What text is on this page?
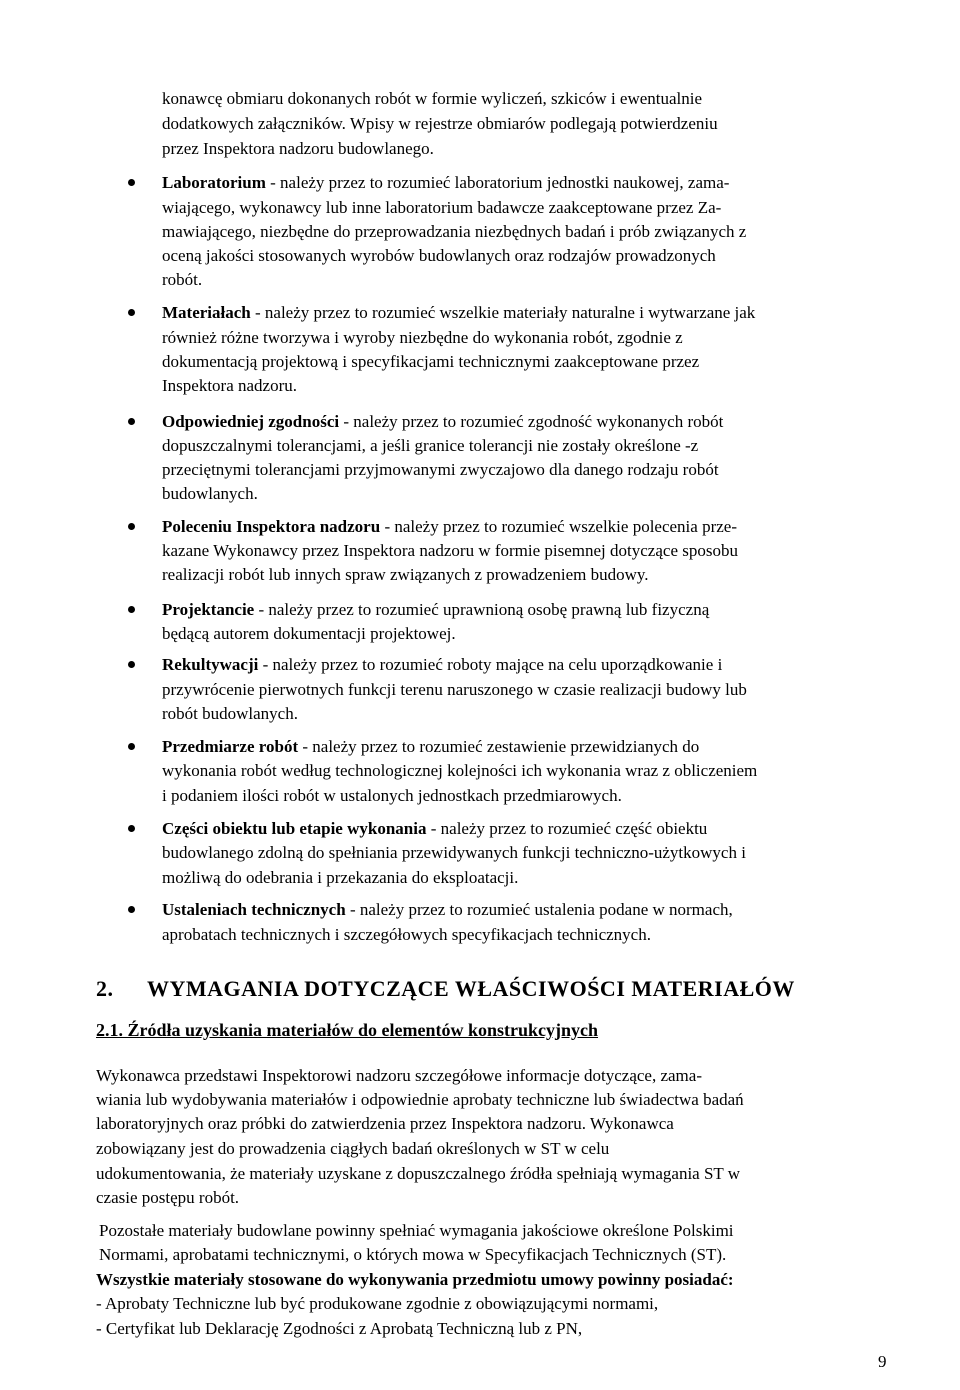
konawcę obmiaru dokonanych robót w formie wyliczeń, szkiców i ewentualnie
dodatkowych załączników. Wpisy w rejestrze obmiarów podlegają potwierdzeniu
przez Inspektora nadzoru budowlanego.
Laboratorium - należy przez to rozumieć laboratorium jednostki naukowej, zama-
wiającego, wykonawcy lub inne laboratorium badawcze zaakceptowane przez Za-
mawiającego, niezbędne do przeprowadzania niezbędnych badań i prób związanych z
oceną jakości stosowanych wyrobów budowlanych oraz rodzajów prowadzonych
robót.
Materiałach - należy przez to rozumieć wszelkie materiały naturalne i wytwarzane jak
również różne tworzywa i wyroby niezbędne do wykonania robót, zgodnie z
dokumentacją projektową i specyfikacjami technicznymi zaakceptowane przez
Inspektora nadzoru.
Odpowiedniej zgodności - należy przez to rozumieć zgodność wykonanych robót
dopuszczalnymi tolerancjami, a jeśli granice tolerancji nie zostały określone -z
przeciętnymi tolerancjami przyjmowanymi zwyczajowo dla danego rodzaju robót
budowlanych.
Poleceniu Inspektora nadzoru - należy przez to rozumieć wszelkie polecenia prze-
kazane Wykonawcy przez Inspektora nadzoru w formie pisemnej dotyczące sposobu
realizacji robót lub innych spraw związanych z prowadzeniem budowy.
Projektancie - należy przez to rozumieć uprawnioną osobę prawną lub fizyczną
będącą autorem dokumentacji projektowej.
Rekultywacji - należy przez to rozumieć roboty mające na celu uporządkowanie i
przywrócenie pierwotnych funkcji terenu naruszonego w czasie realizacji budowy lub
robót budowlanych.
Przedmiarze robót - należy przez to rozumieć zestawienie przewidzianych do
wykonania robót według technologicznej kolejności ich wykonania wraz z obliczeniem
i podaniem ilości robót w ustalonych jednostkach przedmiarowych.
Części obiektu lub etapie wykonania - należy przez to rozumieć część obiektu
budowlanego zdolną do spełniania przewidywanych funkcji techniczno-użytkowych i
możliwą do odebrania i przekazania do eksploatacji.
Ustaleniach technicznych - należy przez to rozumieć ustalenia podane w normach,
aprobatach technicznych i szczegółowych specyfikacjach technicznych.
2. WYMAGANIA DOTYCZĄCE WŁAŚCIWOŚCI MATERIAŁÓW
2.1. Źródła uzyskania materiałów do elementów konstrukcyjnych
Wykonawca przedstawi Inspektorowi nadzoru szczegółowe informacje dotyczące, zama-
wiania lub wydobywania materiałów i odpowiednie aprobaty techniczne lub świadectwa badań
laboratoryjnych oraz próbki do zatwierdzenia przez Inspektora nadzoru. Wykonawca
zobowiązany jest do prowadzenia ciągłych badań określonych w ST w celu
udokumentowania, że materiały uzyskane z dopuszczalnego źródła spełniają wymagania ST w
czasie postępu robót.
Pozostałe materiały budowlane powinny spełniać wymagania jakościowe określone Polskimi
Normami, aprobatami technicznymi, o których mowa w Specyfikacjach Technicznych (ST).
Wszystkie materiały stosowane do wykonywania przedmiotu umowy powinny posiadać:
- Aprobaty Techniczne lub być produkowane zgodnie z obowiązującymi normami,
- Certyfikat lub Deklarację Zgodności z Aprobatą Techniczną lub z PN,
9
